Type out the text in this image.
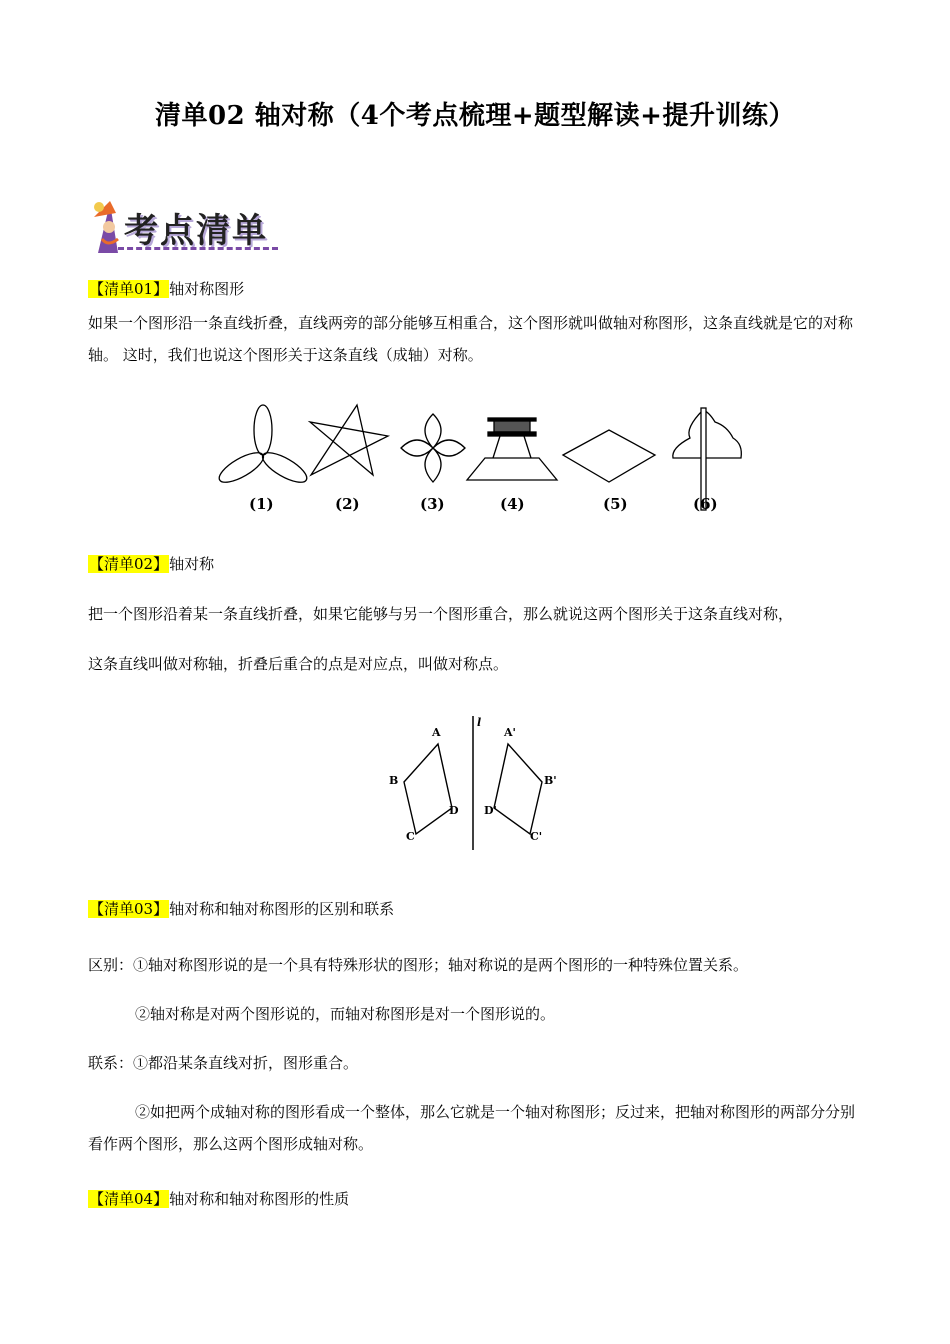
清单02 轴对称（4个考点梳理+题型解读+提升训练）
考点清单
【清单01】轴对称图形
如果一个图形沿一条直线折叠，直线两旁的部分能够互相重合，这个图形就叫做轴对称图形，这条直线就是它的对称轴。 这时，我们也说这个图形关于这条直线（成轴）对称。
(1)	(2)	(3)	(4)	(5)	(6)
【清单02】轴对称
把一个图形沿着某一条直线折叠，如果它能够与另一个图形重合，那么就说这两个图形关于这条直线对称，
这条直线叫做对称轴，折叠后重合的点是对应点，叫做对称点。
A
B
C
D
l
A'
B'
C'
D'
【清单03】轴对称和轴对称图形的区别和联系
区别：①轴对称图形说的是一个具有特殊形状的图形；轴对称说的是两个图形的一种特殊位置关系。
②轴对称是对两个图形说的，而轴对称图形是对一个图形说的。
联系：①都沿某条直线对折，图形重合。
②如把两个成轴对称的图形看成一个整体，那么它就是一个轴对称图形；反过来，把轴对称图形的两部分分别看作两个图形，那么这两个图形成轴对称。
【清单04】轴对称和轴对称图形的性质
